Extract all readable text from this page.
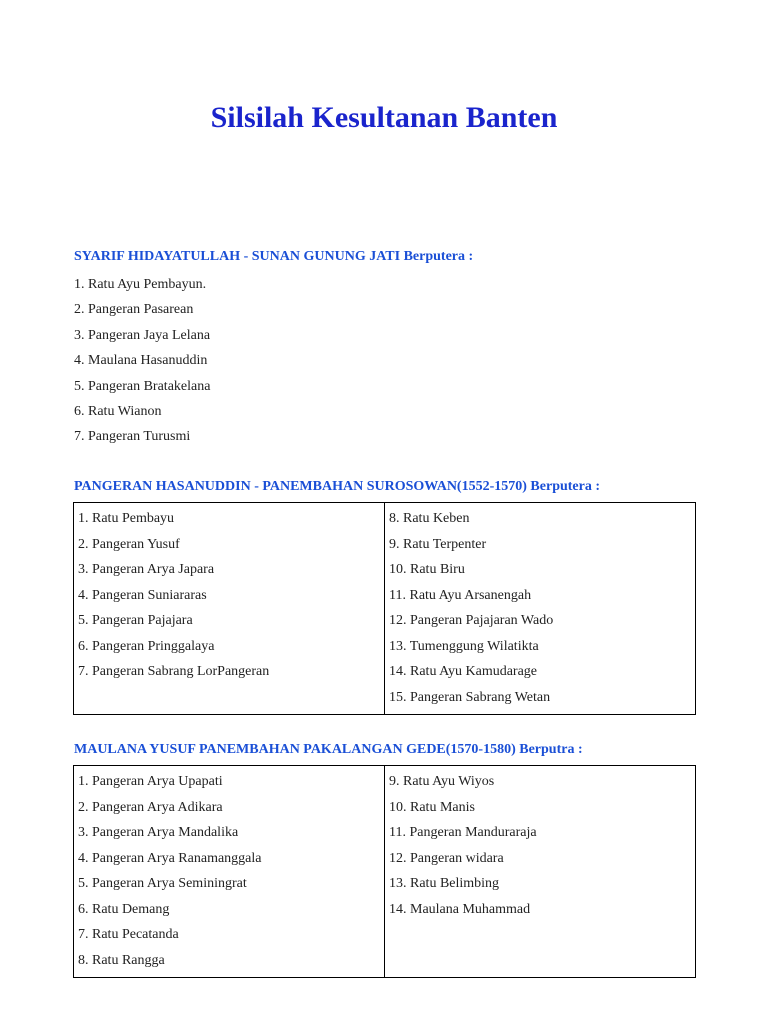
Silsilah Kesultanan Banten

SYARIF HIDAYATULLAH - SUNAN GUNUNG JATI Berputera :

1. Ratu Ayu Pembayun.
2. Pangeran Pasarean
3. Pangeran Jaya Lelana
4. Maulana Hasanuddin
5. Pangeran Bratakelana
6. Ratu Wianon
7. Pangeran Turusmi

PANGERAN HASANUDDIN - PANEMBAHAN SUROSOWAN(1552-1570) Berputera :

1. Ratu Pembayu
2. Pangeran Yusuf
3. Pangeran Arya Japara
4. Pangeran Suniararas
5. Pangeran Pajajara
6. Pangeran Pringgalaya
7. Pangeran Sabrang LorPangeran

8. Ratu Keben
9. Ratu Terpenter
10. Ratu Biru
11. Ratu Ayu Arsanengah
12. Pangeran Pajajaran Wado
13. Tumenggung Wilatikta
14. Ratu Ayu Kamudarage
15. Pangeran Sabrang Wetan

MAULANA YUSUF PANEMBAHAN PAKALANGAN GEDE(1570-1580) Berputra :

1. Pangeran Arya Upapati
2. Pangeran Arya Adikara
3. Pangeran Arya Mandalika
4. Pangeran Arya Ranamanggala
5. Pangeran Arya Seminingrat
6. Ratu Demang
7. Ratu Pecatanda
8. Ratu Rangga

9. Ratu Ayu Wiyos
10. Ratu Manis
11. Pangeran Manduraraja
12. Pangeran widara
13. Ratu Belimbing
14. Maulana Muhammad
